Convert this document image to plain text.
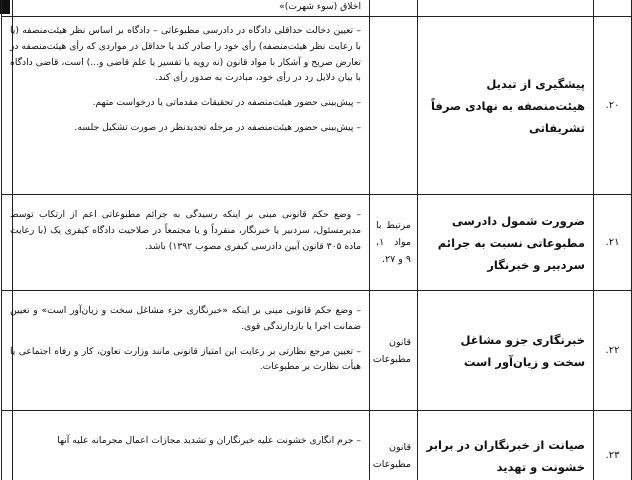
			اخلاق (سوء شهرت)»

۲۰.	پیشگیری از تبدیل هیئت‌منصفه به نهادی صرفاً تشریفاتی		– تعیین دخالت حداقلی دادگاه در دادرسی مطبوعاتی – دادگاه بر اساس نظر هیئت‌منصفه (یا با رعایت نظر هیئت‌منصفه) رأی خود را صادر کند یا حداقل در مواردی که رأی هیئت‌منصفه در تعارض صریح و آشکار با مواد قانون (نه رویه یا تفسیر یا علم قاضی و...) است، قاضی دادگاه با بیان دلایل رد در رأی خود، مبادرت به صدور رأی کند.

– پیش‌بینی حضور هیئت‌منصفه در تحقیقات مقدماتی یا درخواست متهم.

– پیش‌بینی حضور هیئت‌منصفه در مرحله تجدیدنظر در صورت تشکیل جلسه.

۲۱.	ضرورت شمول دادرسی مطبوعاتی نسبت به جرائم سردبیر و خبرنگار	مرتبط با مواد ۱، ۹ و ۲۷.	– وضع حکم قانونی مبنی بر اینکه رسیدگی به جرائم مطبوعاتی اعم از ارتکاب توسط مدیرمسئول، سردبیر یا خبرنگار، منفرداً و یا مجتمعاً در صلاحیت دادگاه کیفری یک (با رعایت ماده ۳۰۵ قانون آیین دادرسی کیفری مصوب ۱۳۹۲) باشد.

۲۲.	خبرنگاری جزو مشاغل سخت و زیان‌آور است	قانون مطبوعات	– وضع حکم قانونی مبنی بر اینکه «خبرنگاری جزء مشاغل سخت و زیان‌آور است» و تعیین ضمانت اجرا یا بازدارندگی قوی.

– تعیین مرجع نظارتی بر رعایت این امتیاز قانونی مانند وزارت تعاون، کار و رفاه اجتماعی یا هیأت نظارت بر مطبوعات.

۲۳.	صیانت از خبرنگاران در برابر خشونت و تهدید	قانون مطبوعات	– جرم انگاری خشونت علیه خبرنگاران و تشدید مجازات اعمال مجرمانه علیه آنها
